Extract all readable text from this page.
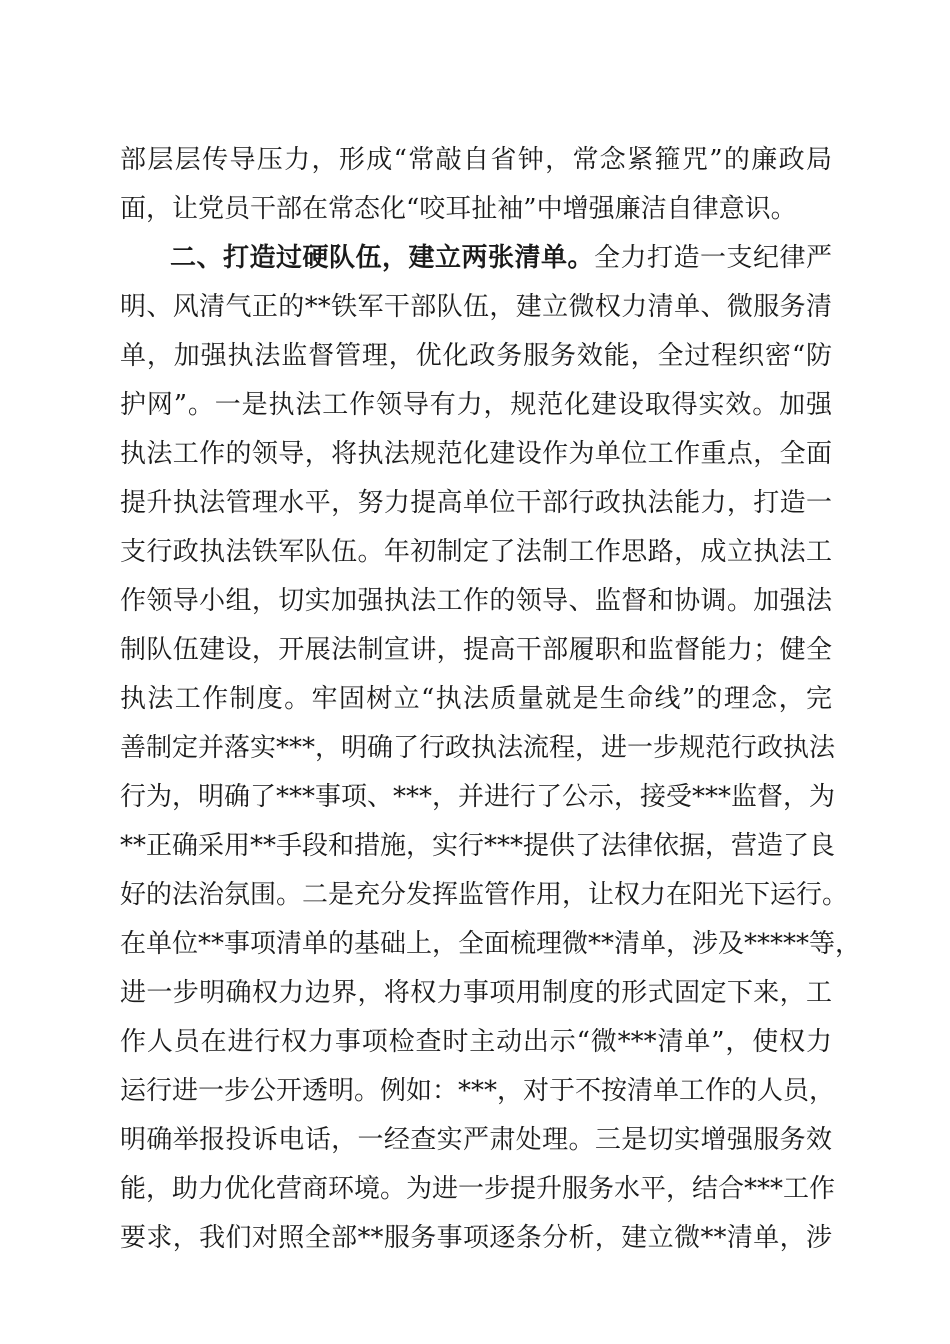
部层层传导压力，形成“常敲自省钟，常念紧箍咒”的廉政局
面，让党员干部在常态化“咬耳扯袖”中增强廉洁自律意识。
二、打造过硬队伍，建立两张清单。全力打造一支纪律严
明、风清气正的**铁军干部队伍，建立微权力清单、微服务清
单，加强执法监督管理，优化政务服务效能，全过程织密“防
护网”。一是执法工作领导有力，规范化建设取得实效。加强
执法工作的领导，将执法规范化建设作为单位工作重点，全面
提升执法管理水平，努力提高单位干部行政执法能力，打造一
支行政执法铁军队伍。年初制定了法制工作思路，成立执法工
作领导小组，切实加强执法工作的领导、监督和协调。加强法
制队伍建设，开展法制宣讲，提高干部履职和监督能力；健全
执法工作制度。牢固树立“执法质量就是生命线”的理念，完
善制定并落实***，明确了行政执法流程，进一步规范行政执法
行为，明确了***事项、***，并进行了公示，接受***监督，为
**正确采用**手段和措施，实行***提供了法律依据，营造了良
好的法治氛围。二是充分发挥监管作用，让权力在阳光下运行。
在单位**事项清单的基础上，全面梳理微**清单，涉及*****等，
进一步明确权力边界，将权力事项用制度的形式固定下来，工
作人员在进行权力事项检查时主动出示“微***清单”，使权力
运行进一步公开透明。例如：***，对于不按清单工作的人员，
明确举报投诉电话，一经查实严肃处理。三是切实增强服务效
能，助力优化营商环境。为进一步提升服务水平，结合***工作
要求，我们对照全部**服务事项逐条分析，建立微**清单，涉
